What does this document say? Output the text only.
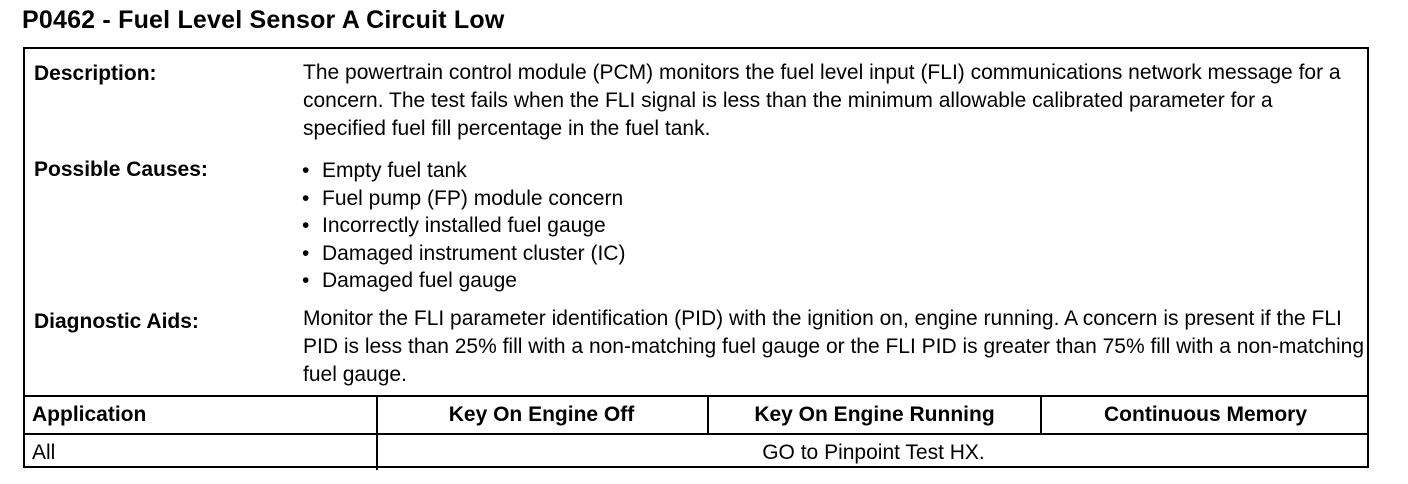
P0462 - Fuel Level Sensor A Circuit Low
Description:	The powertrain control module (PCM) monitors the fuel level input (FLI) communications network message for a concern. The test fails when the FLI signal is less than the minimum allowable calibrated parameter for a specified fuel fill percentage in the fuel tank.
Possible Causes:
•	Empty fuel tank
• Fuel pump (FP) module concern
• Incorrectly installed fuel gauge
• Damaged instrument cluster (IC)
• Damaged fuel gauge
Diagnostic Aids:	Monitor the FLI parameter identification (PID) with the ignition on, engine running. A concern is present if the FLI PID is less than 25% fill with a non-matching fuel gauge or the FLI PID is greater than 75% fill with a non-matching fuel gauge.
Application	Key On Engine Off	Key On Engine Running	Continuous Memory
All	GO to Pinpoint Test HX.
